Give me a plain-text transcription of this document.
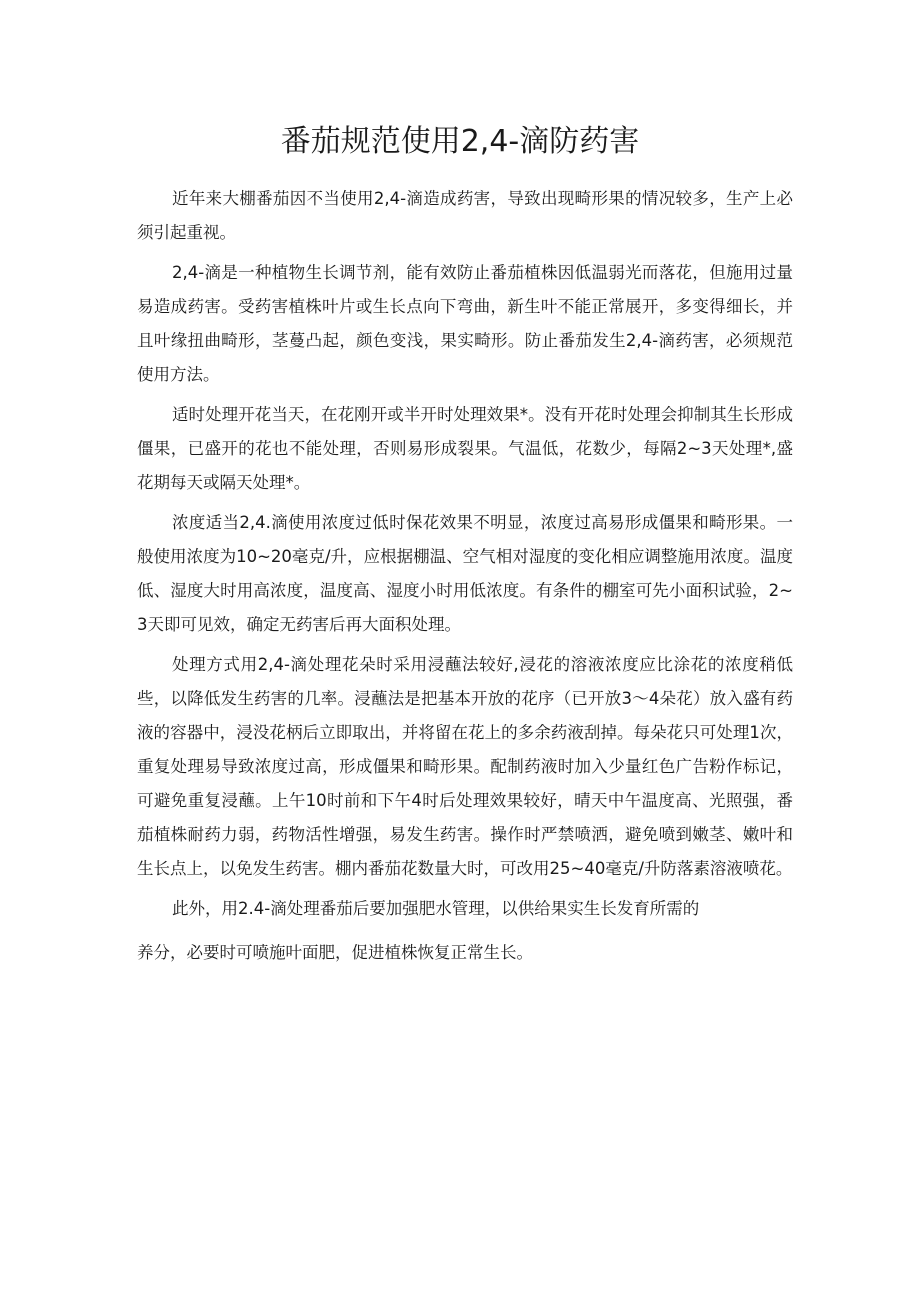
番茄规范使用2,4-滴防药害

近年来大棚番茄因不当使用2,4-滴造成药害，导致出现畸形果的情况较多，生产上必须引起重视。

2,4-滴是一种植物生长调节剂，能有效防止番茄植株因低温弱光而落花，但施用过量易造成药害。受药害植株叶片或生长点向下弯曲，新生叶不能正常展开，多变得细长，并且叶缘扭曲畸形，茎蔓凸起，颜色变浅，果实畸形。防止番茄发生2,4-滴药害，必须规范使用方法。

适时处理开花当天，在花刚开或半开时处理效果*。没有开花时处理会抑制其生长形成僵果，已盛开的花也不能处理，否则易形成裂果。气温低，花数少，每隔2~3天处理*,盛花期每天或隔天处理*。

浓度适当2,4.滴使用浓度过低时保花效果不明显，浓度过高易形成僵果和畸形果。一般使用浓度为10~20毫克/升，应根据棚温、空气相对湿度的变化相应调整施用浓度。温度低、湿度大时用高浓度，温度高、湿度小时用低浓度。有条件的棚室可先小面积试验，2~3天即可见效，确定无药害后再大面积处理。

处理方式用2,4-滴处理花朵时采用浸蘸法较好,浸花的溶液浓度应比涂花的浓度稍低些，以降低发生药害的几率。浸蘸法是把基本开放的花序（已开放3～4朵花）放入盛有药液的容器中，浸没花柄后立即取出，并将留在花上的多余药液刮掉。每朵花只可处理1次，重复处理易导致浓度过高，形成僵果和畸形果。配制药液时加入少量红色广告粉作标记，可避免重复浸蘸。上午10时前和下午4时后处理效果较好，晴天中午温度高、光照强，番茄植株耐药力弱，药物活性增强，易发生药害。操作时严禁喷洒，避免喷到嫩茎、嫩叶和生长点上，以免发生药害。棚内番茄花数量大时，可改用25~40毫克/升防落素溶液喷花。

此外，用2.4-滴处理番茄后要加强肥水管理，以供给果实生长发育所需的

养分，必要时可喷施叶面肥，促进植株恢复正常生长。
